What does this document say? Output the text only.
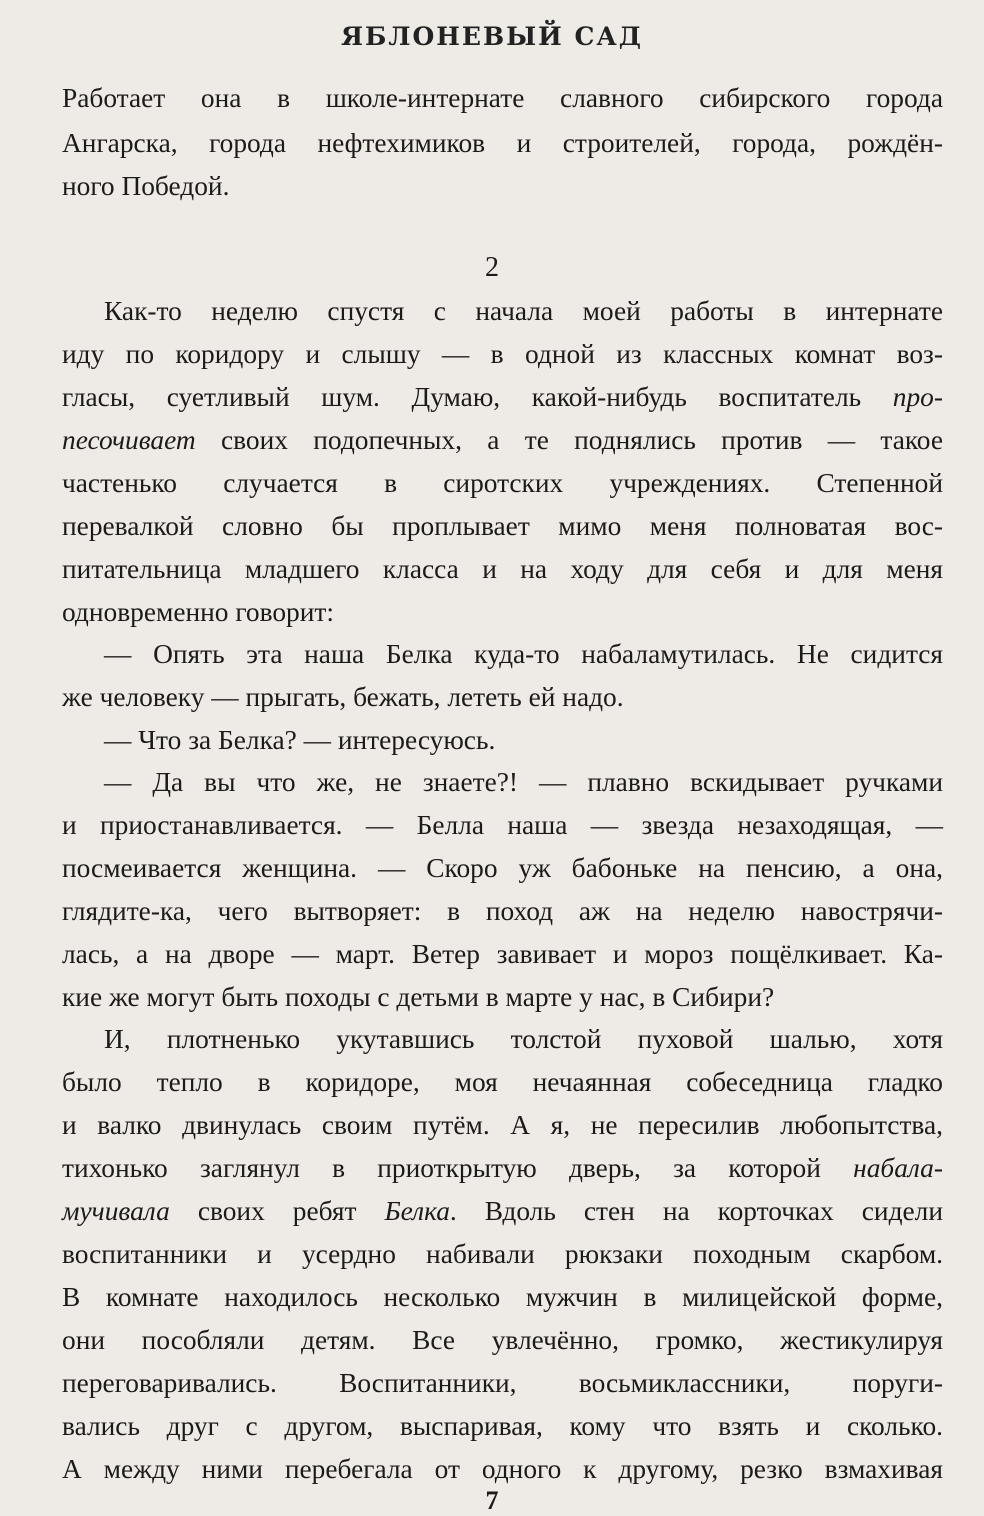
ЯБЛОНЕВЫЙ САД

Работает она в школе-интернате славного сибирского города

Ангарска, города нефтехимиков и строителей, города, рождён-

ного Победой.

2

Как-то неделю спустя с начала моей работы в интернате

иду по коридору и слышу — в одной из классных комнат воз-

гласы, суетливый шум. Думаю, какой-нибудь воспитатель про-

песочивает своих подопечных, а те поднялись против — такое

частенько случается в сиротских учреждениях. Степенной

перевалкой словно бы проплывает мимо меня полноватая вос-

питательница младшего класса и на ходу для себя и для меня

одновременно говорит:

— Опять эта наша Белка куда-то набаламутилась. Не сидится

же человеку — прыгать, бежать, лететь ей надо.

— Что за Белка? — интересуюсь.

— Да вы что же, не знаете?! — плавно вскидывает ручками

и приостанавливается. — Белла наша — звезда незаходящая, —

посмеивается женщина. — Скоро уж бабоньке на пенсию, а она,

глядите-ка, чего вытворяет: в поход аж на неделю навострячи-

лась, а на дворе — март. Ветер завивает и мороз пощёлкивает. Ка-

кие же могут быть походы с детьми в марте у нас, в Сибири?

И, плотненько укутавшись толстой пуховой шалью, хотя

было тепло в коридоре, моя нечаянная собеседница гладко

и валко двинулась своим путём. А я, не пересилив любопытства,

тихонько заглянул в приоткрытую дверь, за которой набала-

мучивала своих ребят Белка. Вдоль стен на корточках сидели

воспитанники и усердно набивали рюкзаки походным скарбом.

В комнате находилось несколько мужчин в милицейской форме,

они пособляли детям. Все увлечённо, громко, жестикулируя

переговаривались. Воспитанники, восьмиклассники, поруги-

вались друг с другом, выспаривая, кому что взять и сколько.

А между ними перебегала от одного к другому, резко взмахивая

7
